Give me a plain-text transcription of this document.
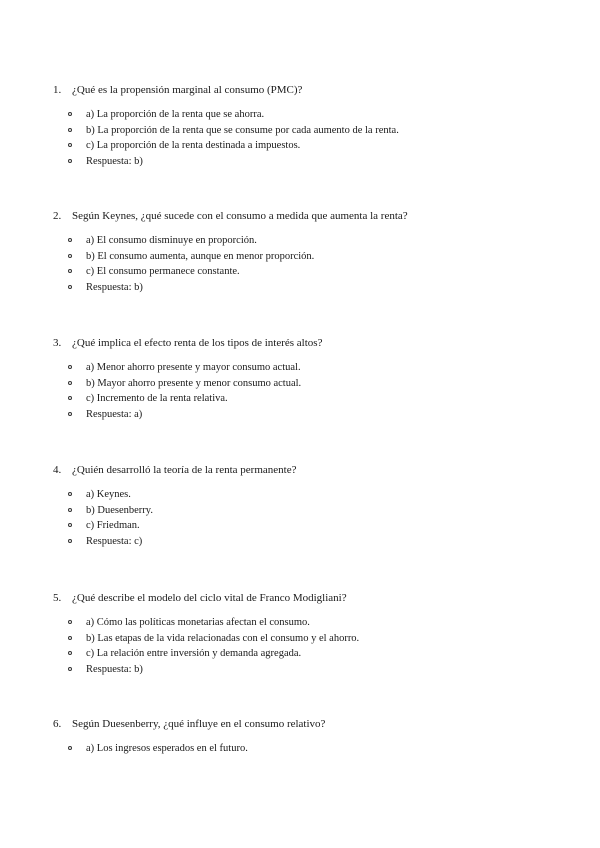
1. ¿Qué es la propensión marginal al consumo (PMC)?
a) La proporción de la renta que se ahorra.
b) La proporción de la renta que se consume por cada aumento de la renta.
c) La proporción de la renta destinada a impuestos.
Respuesta: b)
2. Según Keynes, ¿qué sucede con el consumo a medida que aumenta la renta?
a) El consumo disminuye en proporción.
b) El consumo aumenta, aunque en menor proporción.
c) El consumo permanece constante.
Respuesta: b)
3. ¿Qué implica el efecto renta de los tipos de interés altos?
a) Menor ahorro presente y mayor consumo actual.
b) Mayor ahorro presente y menor consumo actual.
c) Incremento de la renta relativa.
Respuesta: a)
4. ¿Quién desarrolló la teoría de la renta permanente?
a) Keynes.
b) Duesenberry.
c) Friedman.
Respuesta: c)
5. ¿Qué describe el modelo del ciclo vital de Franco Modigliani?
a) Cómo las políticas monetarias afectan el consumo.
b) Las etapas de la vida relacionadas con el consumo y el ahorro.
c) La relación entre inversión y demanda agregada.
Respuesta: b)
6. Según Duesenberry, ¿qué influye en el consumo relativo?
a) Los ingresos esperados en el futuro.
